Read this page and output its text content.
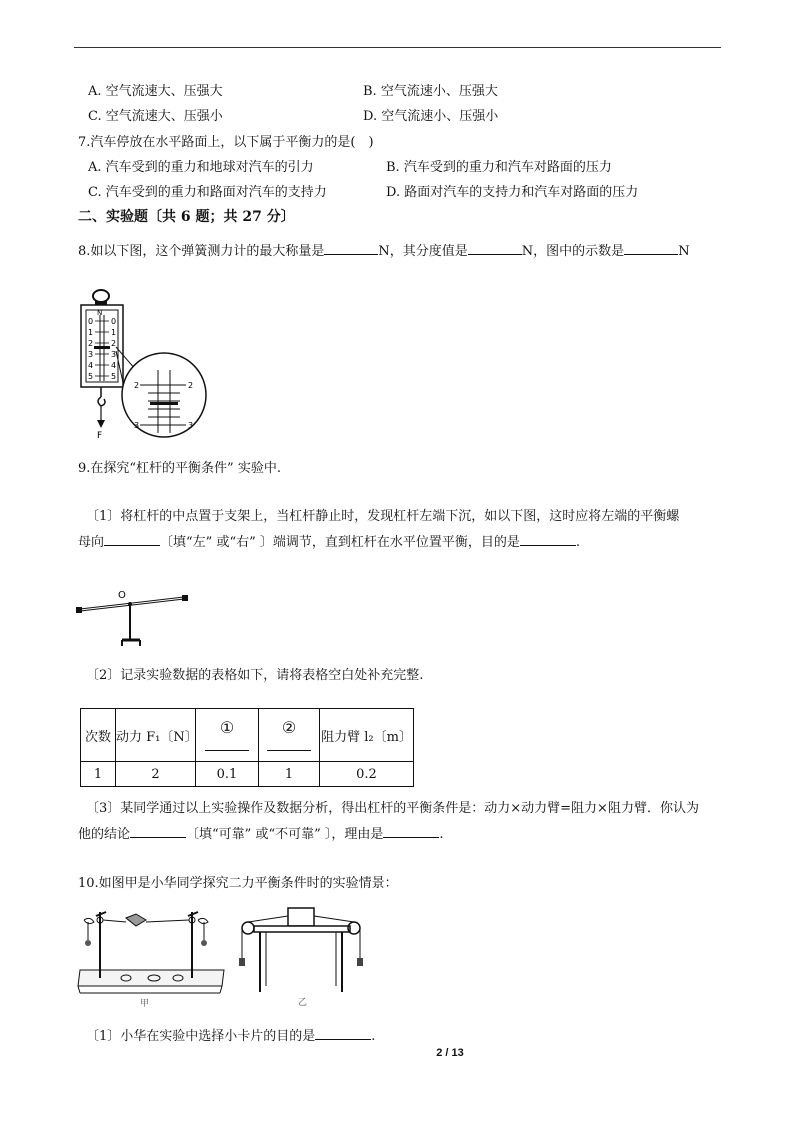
A. 空气流速大、压强大	B. 空气流速小、压强大
C. 空气流速大、压强小	D. 空气流速小、压强小
7.汽车停放在水平路面上，以下属于平衡力的是(　)
A. 汽车受到的重力和地球对汽车的引力	B. 汽车受到的重力和汽车对路面的压力
C. 汽车受到的重力和路面对汽车的支持力	D. 路面对汽车的支持力和汽车对路面的压力
二、实验题〔共 6 题；共 27 分〕
8.如以下图，这个弹簧测力计的最大称量是	N，其分度值是	N，图中的示数是	N
N
0
1
2
3
4
5
0
1
2
3
4
5
F
2	2
3	3
9.在探究“杠杆的平衡条件” 实验中.
〔1〕将杠杆的中点置于支架上，当杠杆静止时，发现杠杆左端下沉，如以下图，这时应将左端的平衡螺
母向	〔填“左” 或“右” 〕端调节，直到杠杆在水平位置平衡，目的是	.
O
〔2〕记录实验数据的表格如下，请将表格空白处补充完整.
次数	动力 F₁〔N〕	①	②	阻力臂 l₂〔m〕
1	2	0.1	1	0.2
〔3〕某同学通过以上实验操作及数据分析，得出杠杆的平衡条件是：动力×动力臂=阻力×阻力臂．你认为
他的结论	〔填“可靠” 或“不可靠” 〕，理由是	.
10.如图甲是小华同学探究二力平衡条件时的实验情景：
甲	乙
〔1〕小华在实验中选择小卡片的目的是	.
2 / 13
